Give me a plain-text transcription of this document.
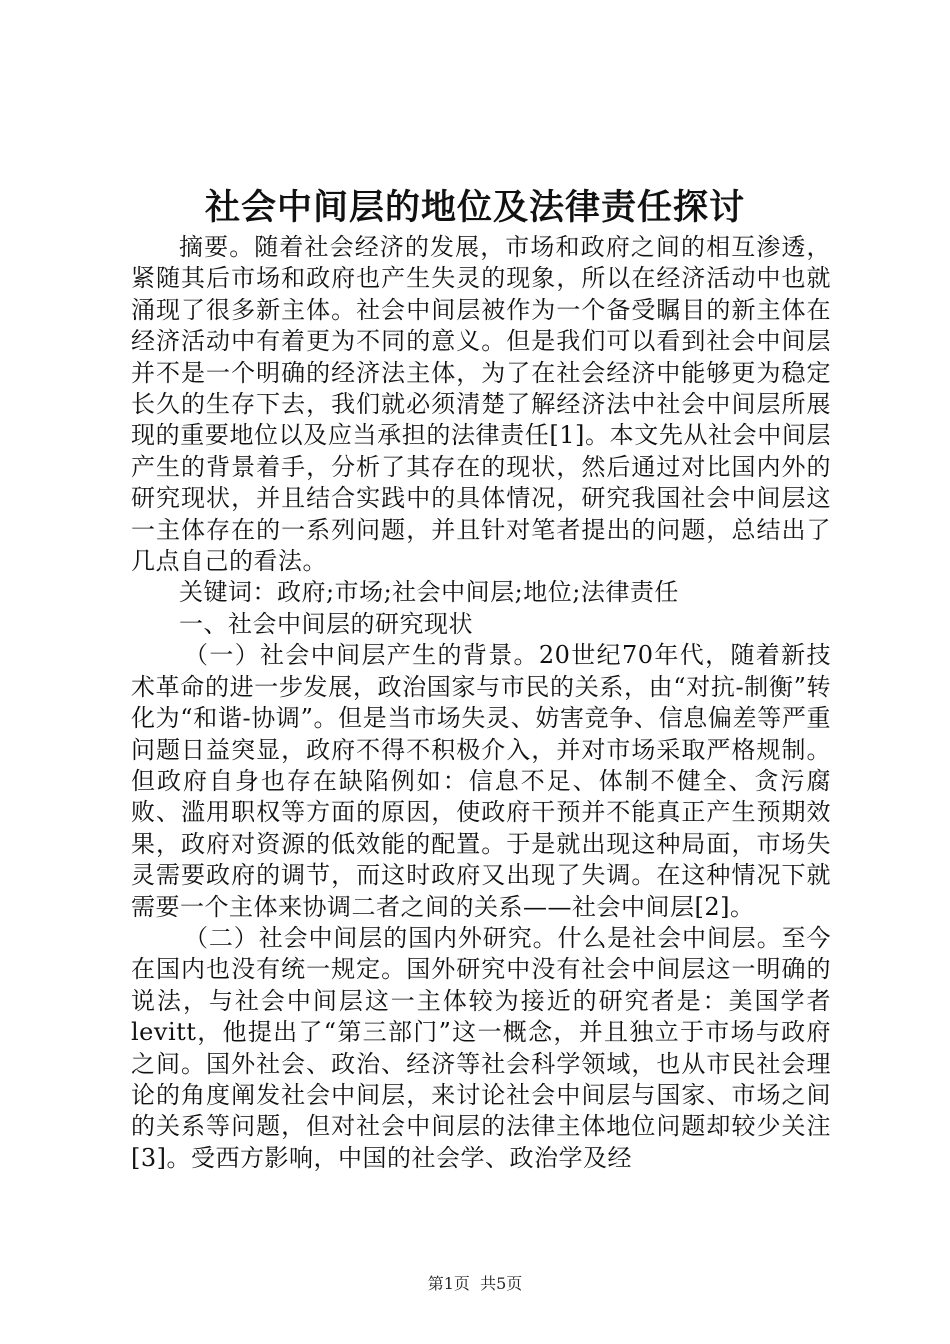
社会中间层的地位及法律责任探讨

摘要。随着社会经济的发展，市场和政府之间的相互渗透，紧随其后市场和政府也产生失灵的现象，所以在经济活动中也就涌现了很多新主体。社会中间层被作为一个备受瞩目的新主体在经济活动中有着更为不同的意义。但是我们可以看到社会中间层并不是一个明确的经济法主体，为了在社会经济中能够更为稳定长久的生存下去，我们就必须清楚了解经济法中社会中间层所展现的重要地位以及应当承担的法律责任[1]。本文先从社会中间层产生的背景着手，分析了其存在的现状，然后通过对比国内外的研究现状，并且结合实践中的具体情况，研究我国社会中间层这一主体存在的一系列问题，并且针对笔者提出的问题，总结出了几点自己的看法。

关键词：政府;市场;社会中间层;地位;法律责任

一、社会中间层的研究现状

（一）社会中间层产生的背景。20世纪70年代，随着新技术革命的进一步发展，政治国家与市民的关系，由“对抗-制衡”转化为“和谐-协调”。但是当市场失灵、妨害竞争、信息偏差等严重问题日益突显，政府不得不积极介入，并对市场采取严格规制。但政府自身也存在缺陷例如：信息不足、体制不健全、贪污腐败、滥用职权等方面的原因，使政府干预并不能真正产生预期效果，政府对资源的低效能的配置。于是就出现这种局面，市场失灵需要政府的调节，而这时政府又出现了失调。在这种情况下就需要一个主体来协调二者之间的关系——社会中间层[2]。

（二）社会中间层的国内外研究。什么是社会中间层。至今在国内也没有统一规定。国外研究中没有社会中间层这一明确的说法，与社会中间层这一主体较为接近的研究者是：美国学者levitt，他提出了“第三部门”这一概念，并且独立于市场与政府之间。国外社会、政治、经济等社会科学领域，也从市民社会理论的角度阐发社会中间层，来讨论社会中间层与国家、市场之间的关系等问题，但对社会中间层的法律主体地位问题却较少关注[3]。受西方影响，中国的社会学、政治学及经

第1页  共5页
